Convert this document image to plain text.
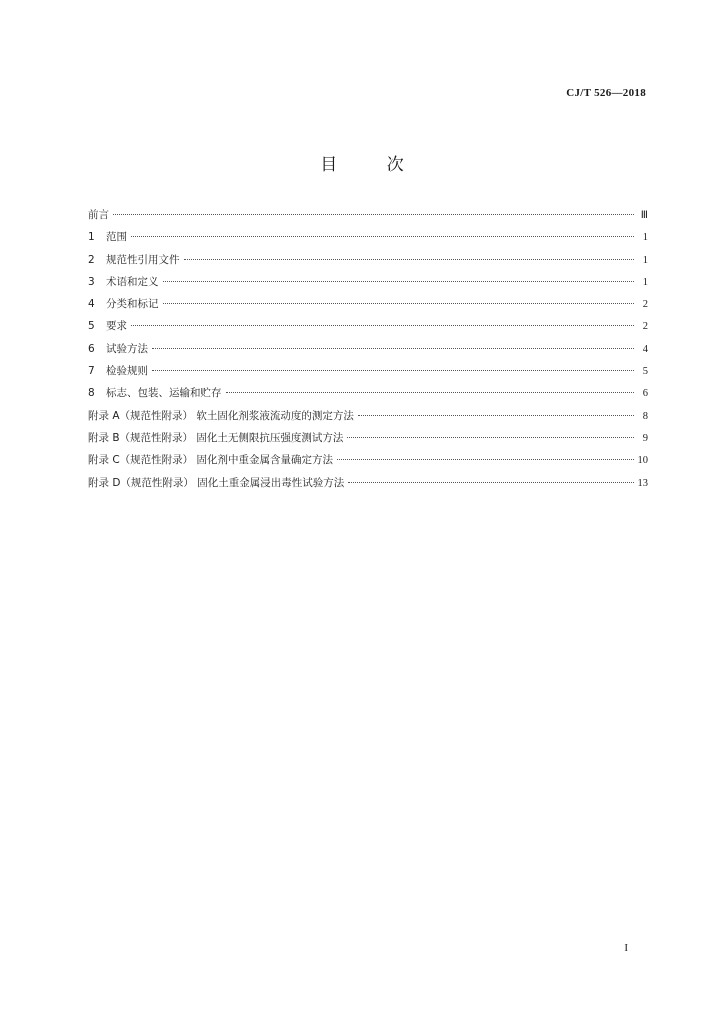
CJ/T 526—2018
目	次
前言	Ⅲ
1	范围	1
2	规范性引用文件	1
3	术语和定义	1
4	分类和标记	2
5	要求	2
6	试验方法	4
7	检验规则	5
8	标志、包装、运输和贮存	6
附录 A（规范性附录） 软土固化剂浆液流动度的测定方法	8
附录 B（规范性附录） 固化土无侧限抗压强度测试方法	9
附录 C（规范性附录） 固化剂中重金属含量确定方法	10
附录 D（规范性附录） 固化土重金属浸出毒性试验方法	13
I
